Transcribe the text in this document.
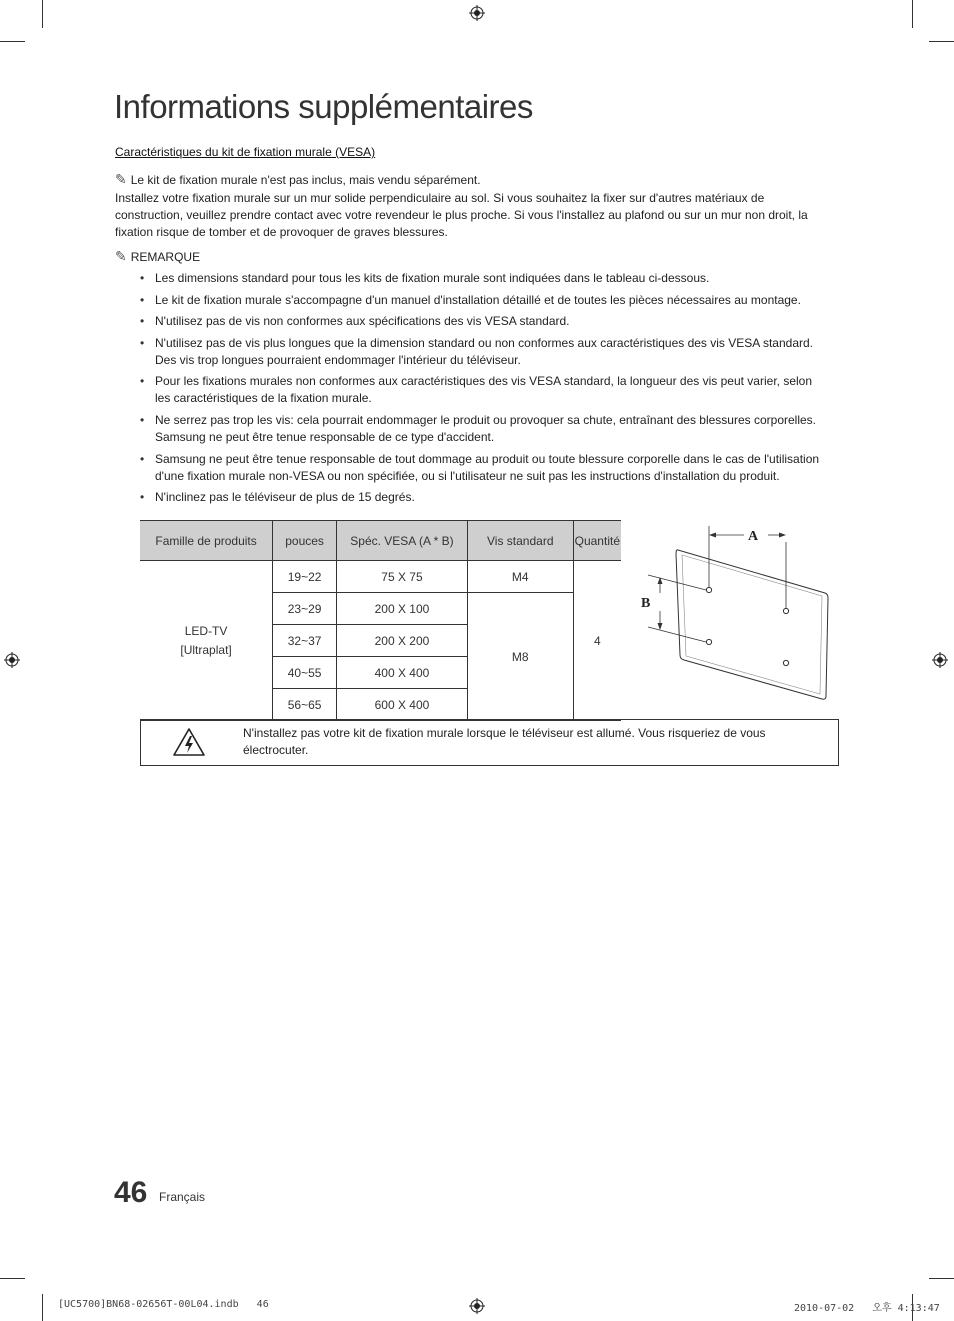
Informations supplémentaires
Caractéristiques du kit de fixation murale (VESA)
✎ Le kit de fixation murale n'est pas inclus, mais vendu séparément.
Installez votre fixation murale sur un mur solide perpendiculaire au sol. Si vous souhaitez la fixer sur d'autres matériaux de construction, veuillez prendre contact avec votre revendeur le plus proche. Si vous l'installez au plafond ou sur un mur non droit, la fixation risque de tomber et de provoquer de graves blessures.
✎ REMARQUE
• Les dimensions standard pour tous les kits de fixation murale sont indiquées dans le tableau ci-dessous.
• Le kit de fixation murale s'accompagne d'un manuel d'installation détaillé et de toutes les pièces nécessaires au montage.
• N'utilisez pas de vis non conformes aux spécifications des vis VESA standard.
• N'utilisez pas de vis plus longues que la dimension standard ou non conformes aux caractéristiques des vis VESA standard. Des vis trop longues pourraient endommager l'intérieur du téléviseur.
• Pour les fixations murales non conformes aux caractéristiques des vis VESA standard, la longueur des vis peut varier, selon les caractéristiques de la fixation murale.
• Ne serrez pas trop les vis: cela pourrait endommager le produit ou provoquer sa chute, entraînant des blessures corporelles. Samsung ne peut être tenue responsable de ce type d'accident.
• Samsung ne peut être tenue responsable de tout dommage au produit ou toute blessure corporelle dans le cas de l'utilisation d'une fixation murale non-VESA ou non spécifiée, ou si l'utilisateur ne suit pas les instructions d'installation du produit.
• N'inclinez pas le téléviseur de plus de 15 degrés.
Famille de produits	pouces	Spéc. VESA (A * B)	Vis standard	Quantité
LED-TV [Ultraplat]	19~22	75 X 75	M4	4
	23~29	200 X 100	M8	
	32~37	200 X 200		
	40~55	400 X 400		
	56~65	600 X 400		
A
B
N'installez pas votre kit de fixation murale lorsque le téléviseur est allumé. Vous risqueriez de vous électrocuter.
46 Français
[UC5700]BN68-02656T-00L04.indb   46	2010-07-02   오후 4:13:47
